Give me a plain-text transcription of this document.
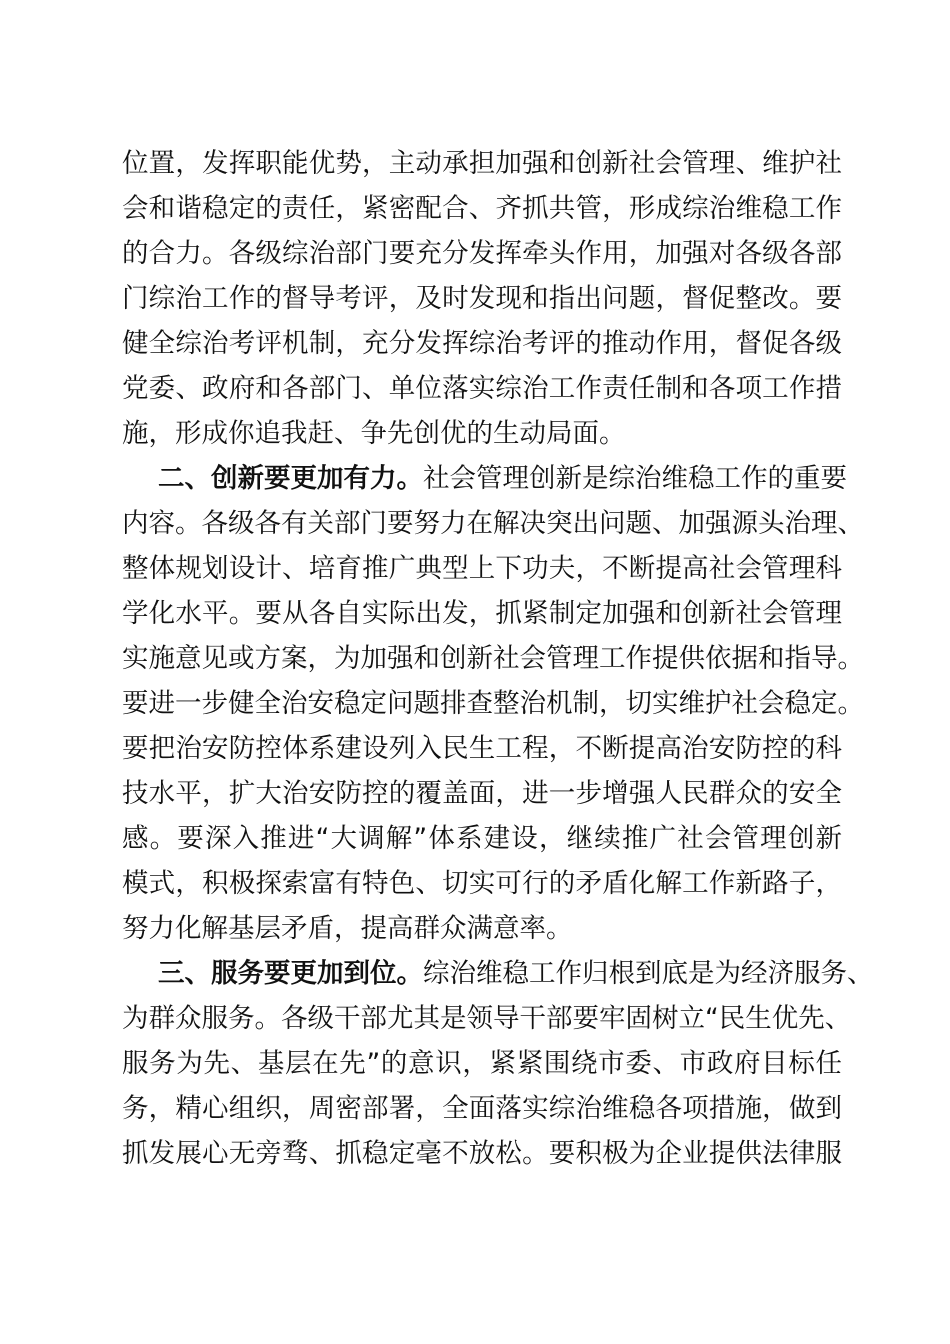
位置，发挥职能优势，主动承担加强和创新社会管理、维护社
会和谐稳定的责任，紧密配合、齐抓共管，形成综治维稳工作
的合力。各级综治部门要充分发挥牵头作用，加强对各级各部
门综治工作的督导考评，及时发现和指出问题，督促整改。要
健全综治考评机制，充分发挥综治考评的推动作用，督促各级
党委、政府和各部门、单位落实综治工作责任制和各项工作措
施，形成你追我赶、争先创优的生动局面。
二、创新要更加有力。社会管理创新是综治维稳工作的重要
内容。各级各有关部门要努力在解决突出问题、加强源头治理、
整体规划设计、培育推广典型上下功夫，不断提高社会管理科
学化水平。要从各自实际出发，抓紧制定加强和创新社会管理
实施意见或方案，为加强和创新社会管理工作提供依据和指导。
要进一步健全治安稳定问题排查整治机制，切实维护社会稳定。
要把治安防控体系建设列入民生工程，不断提高治安防控的科
技水平，扩大治安防控的覆盖面，进一步增强人民群众的安全
感。要深入推进“大调解”体系建设，继续推广社会管理创新
模式，积极探索富有特色、切实可行的矛盾化解工作新路子，
努力化解基层矛盾，提高群众满意率。
三、服务要更加到位。综治维稳工作归根到底是为经济服务、
为群众服务。各级干部尤其是领导干部要牢固树立“民生优先、
服务为先、基层在先”的意识，紧紧围绕市委、市政府目标任
务，精心组织，周密部署，全面落实综治维稳各项措施，做到
抓发展心无旁骛、抓稳定毫不放松。要积极为企业提供法律服
